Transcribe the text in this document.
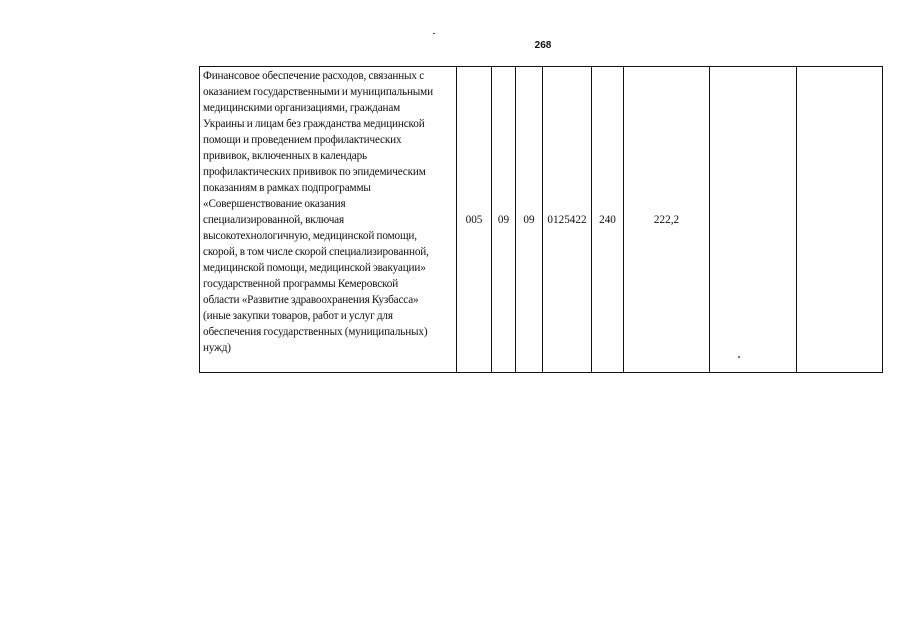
268
Финансовое обеспечение расходов, связанных с
оказанием государственными и муниципальными
медицинскими организациями, гражданам
Украины и лицам без гражданства медицинской
помощи и проведением профилактических
прививок, включенных в календарь
профилактических прививок по эпидемическим
показаниям в рамках подпрограммы
«Совершенствование оказания
специализированной, включая
высокотехнологичную, медицинской помощи,
скорой, в том числе скорой специализированной,
медицинской помощи, медицинской эвакуации»
государственной программы Кемеровской
области «Развитие здравоохранения Кузбасса»
(иные закупки товаров, работ и услуг для
обеспечения государственных (муниципальных)
нужд)
	005	09	09	0125422	240	222,2		
